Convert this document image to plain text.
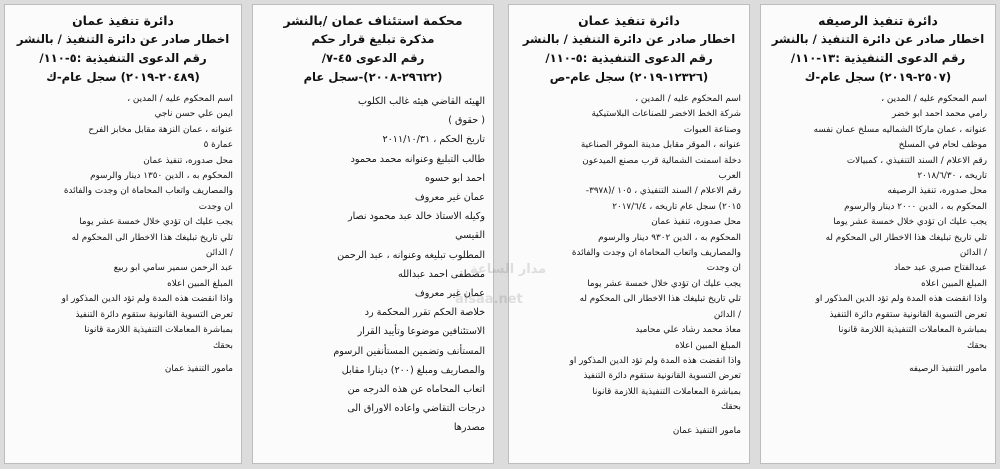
دائرة تنفيذ الرصيفه
اخطار صادر عن دائرة التنفيذ / بالنشر
رقم الدعوى التنفيذية :١٣-١١٠/
(٢٥٠٧-٢٠١٩) سجل عام-ك
اسم المحكوم عليه / المدين ،
رامي محمد احمد ابو خضر
عنوانه ، عمان ماركا الشماليه مسلخ عمان نفسه
موظف لحام في المسلخ
رقم الاعلام / السند التنفيذي ، كمبيالات
تاريخه ، ٢٠١٨/٦/٣٠
محل صدوره، تنفيذ الرصيفه
المحكوم به ، الدين ٢٠٠٠ دينار والرسوم
يجب عليك ان تؤدي خلال خمسة عشر يوما
تلي تاريخ تبليغك هذا الاخطار الى المحكوم له
/ الدائن
عبدالفتاح صبري عبد حماد
المبلغ المبين اعلاه
واذا انقضت هذه المدة ولم تؤد الدين المذكور او
تعرض التسوية القانونية ستقوم دائرة التنفيذ
بمباشرة المعاملات التنفيذية اللازمة قانونا
بحقك
مامور التنفيذ الرصيفه
دائرة تنفيذ عمان
اخطار صادر عن دائرة التنفيذ / بالنشر
رقم الدعوى التنفيذية :٥-١١٠/
(١٢٣٢٦-٢٠١٩) سجل عام-ص
اسم المحكوم عليه / المدين ،
شركة الخط الاخضر للصناعات البلاستيكية
وصناعة العبوات
عنوانه ، الموقر مقابل مدينة الموقر الصناعية
دخلة اسمنت الشمالية قرب مصنع الميدعون
العرب
رقم الاعلام / السند التنفيذي ، ١٠٥ /(٣٩٧٨-
٢٠١٥) سجل عام تاريخه ، ٢٠١٧/٦/٤
محل صدوره، تنفيذ عمان
المحكوم به ، الدين ٩٣٠٢ دينار والرسوم
والمصاريف واتعاب المحاماة ان وجدت والفائدة
ان وجدت
يجب عليك ان تؤدي خلال خمسة عشر يوما
تلي تاريخ تبليغك هذا الاخطار الى المحكوم له
/ الدائن
معاذ محمد رشاد علي محاميد
المبلغ المبين اعلاه
واذا انقضت هذه المدة ولم تؤد الدين المذكور او
تعرض التسوية القانونية ستقوم دائرة التنفيذ
بمباشرة المعاملات التنفيذية اللازمة قانونا
بحقك
مامور التنفيذ عمان
محكمة استئناف عمان /بالنشر
مذكرة تبليغ قرار حكم
رقم الدعوى ٤٥-٧/
(٢٩٦٢٢-٢٠٠٨)-سجل عام
الهيئه القاضي هيئه غالب الكلوب
( حقوق )
تاريخ الحكم ، ٢٠١١/١٠/٣١
طالب التبليغ وعنوانه محمد محمود
احمد ابو حسوه
عمان غير معروف
وكيله الاستاذ خالد عبد محمود نصار
القيسي
المطلوب تبليغه وعنوانه ، عبد الرحمن
مصطفى احمد عبدالله
عمان غير معروف
خلاصة الحكم تقرر المحكمة رد
الاستئنافين موضوعا وتأييد القرار
المستأنف وتضمين المستأنفين الرسوم
والمصاريف ومبلغ (٢٠٠) دينارا مقابل
اتعاب المحاماه عن هذه الدرجه من
درجات التقاضي واعاده الاوراق الى
مصدرها
دائرة تنفيذ عمان
اخطار صادر عن دائرة التنفيذ / بالنشر
رقم الدعوى التنفيذية :٥-١١٠/
(٢٠٤٨٩-٢٠١٩) سجل عام-ك
اسم المحكوم عليه / المدين ،
ايمن علي حسن ناجي
عنوانه ، عمان النزهة مقابل مخابز الفرح
عمارة ٥
محل صدوره، تنفيذ عمان
المحكوم به ، الدين ١٣٥٠ دينار والرسوم
والمصاريف واتعاب المحاماة ان وجدت والفائدة
ان وجدت
يجب عليك ان تؤدي خلال خمسة عشر يوما
تلي تاريخ تبليغك هذا الاخطار الى المحكوم له
/ الدائن
عبد الرحمن سمير سامي ابو ربيع
المبلغ المبين اعلاه
واذا انقضت هذه المدة ولم تؤد الدين المذكور او
تعرض التسوية القانونية ستقوم دائرة التنفيذ
بمباشرة المعاملات التنفيذية اللازمة قانونا
بحقك
مامور التنفيذ عمان
مدار الساعة
alsaa.net
